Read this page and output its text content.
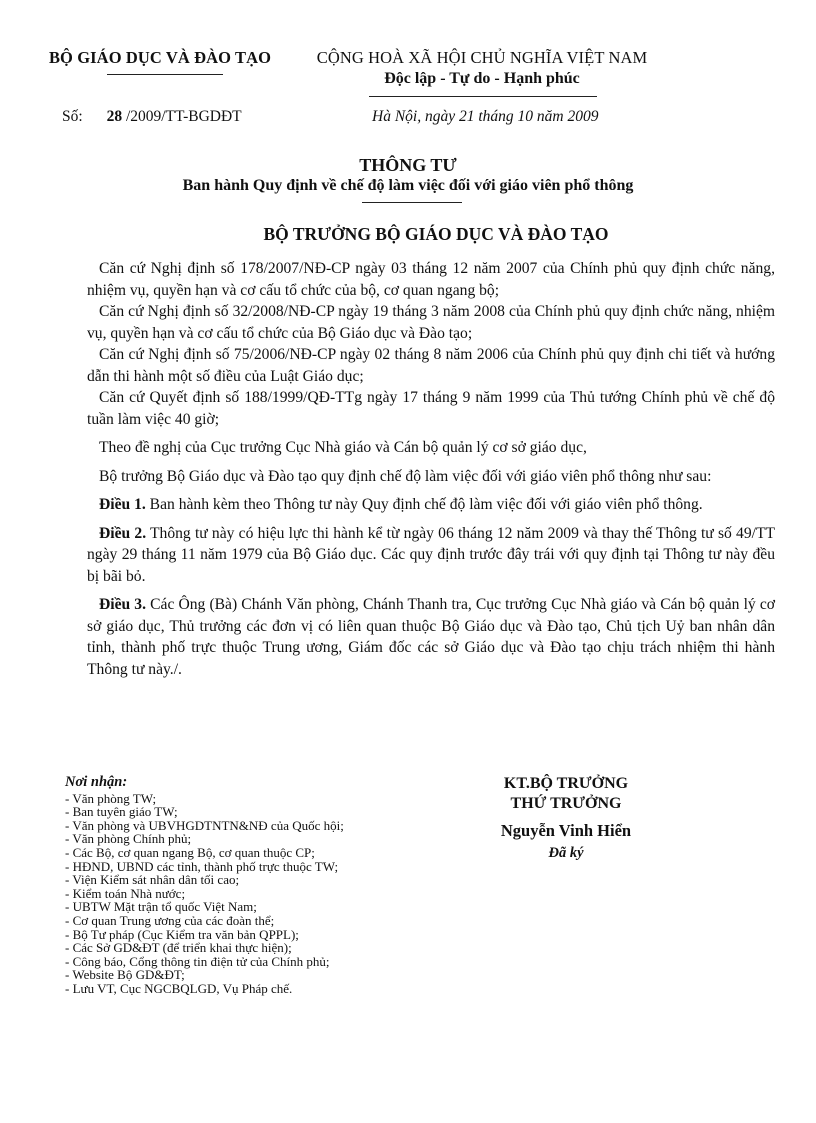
BỘ GIÁO DỤC VÀ ĐÀO TẠO	CỘNG HOÀ XÃ HỘI CHỦ NGHĨA VIỆT NAM
Độc lập - Tự do - Hạnh phúc
Số: 28 /2009/TT-BGDĐT	Hà Nội, ngày 21 tháng 10 năm 2009
THÔNG TƯ
Ban hành Quy định về chế độ làm việc đối với giáo viên phổ thông
BỘ TRƯỞNG BỘ GIÁO DỤC VÀ ĐÀO TẠO

Căn cứ Nghị định số 178/2007/NĐ-CP ngày 03 tháng 12 năm 2007 của Chính phủ quy định chức năng, nhiệm vụ, quyền hạn và cơ cấu tổ chức của bộ, cơ quan ngang bộ;

Căn cứ Nghị định số 32/2008/NĐ-CP ngày 19 tháng 3 năm 2008 của Chính phủ quy định chức năng, nhiệm vụ, quyền hạn và cơ cấu tổ chức của Bộ Giáo dục và Đào tạo;

Căn cứ Nghị định số 75/2006/NĐ-CP ngày 02 tháng 8 năm 2006 của Chính phủ quy định chi tiết và hướng dẫn thi hành một số điều của Luật Giáo dục;

Căn cứ Quyết định số 188/1999/QĐ-TTg ngày 17 tháng 9 năm 1999 của Thủ tướng Chính phủ về chế độ tuần làm việc 40 giờ;

Theo đề nghị của Cục trưởng Cục Nhà giáo và Cán bộ quản lý cơ sở giáo dục,

Bộ trưởng Bộ Giáo dục và Đào tạo quy định chế độ làm việc đối với giáo viên phổ thông như sau:

Điều 1. Ban hành kèm theo Thông tư này Quy định chế độ làm việc đối với giáo viên phổ thông.

Điều 2. Thông tư này có hiệu lực thi hành kể từ ngày 06 tháng 12 năm 2009 và thay thế Thông tư số 49/TT ngày 29 tháng 11 năm 1979 của Bộ Giáo dục. Các quy định trước đây trái với quy định tại Thông tư này đều bị bãi bỏ.

Điều 3. Các Ông (Bà) Chánh Văn phòng, Chánh Thanh tra, Cục trưởng Cục Nhà giáo và Cán bộ quản lý cơ sở giáo dục, Thủ trưởng các đơn vị có liên quan thuộc Bộ Giáo dục và Đào tạo, Chủ tịch Uỷ ban nhân dân tỉnh, thành phố trực thuộc Trung ương, Giám đốc các sở Giáo dục và Đào tạo chịu trách nhiệm thi hành Thông tư này./.

Nơi nhận:
- Văn phòng TW;
- Ban tuyên giáo TW;
- Văn phòng và UBVHGDTNTN&NĐ của Quốc hội;
- Văn phòng Chính phủ;
- Các Bộ, cơ quan ngang Bộ, cơ quan thuộc CP;
- HĐND, UBND các tỉnh, thành phố trực thuộc TW;
- Viện Kiểm sát nhân dân tối cao;
- Kiểm toán Nhà nước;
- UBTW Mặt trận tổ quốc Việt Nam;
- Cơ quan Trung ương của các đoàn thể;
- Bộ Tư pháp (Cục Kiểm tra văn bản QPPL);
- Các Sở GD&ĐT (để triển khai thực hiện);
- Công báo, Cổng thông tin điện tử của Chính phủ;
- Website Bộ GD&ĐT;
- Lưu VT, Cục NGCBQLGD, Vụ Pháp chế.
KT.BỘ TRƯỞNG
THỨ TRƯỞNG
Nguyễn Vinh Hiển
Đã ký
